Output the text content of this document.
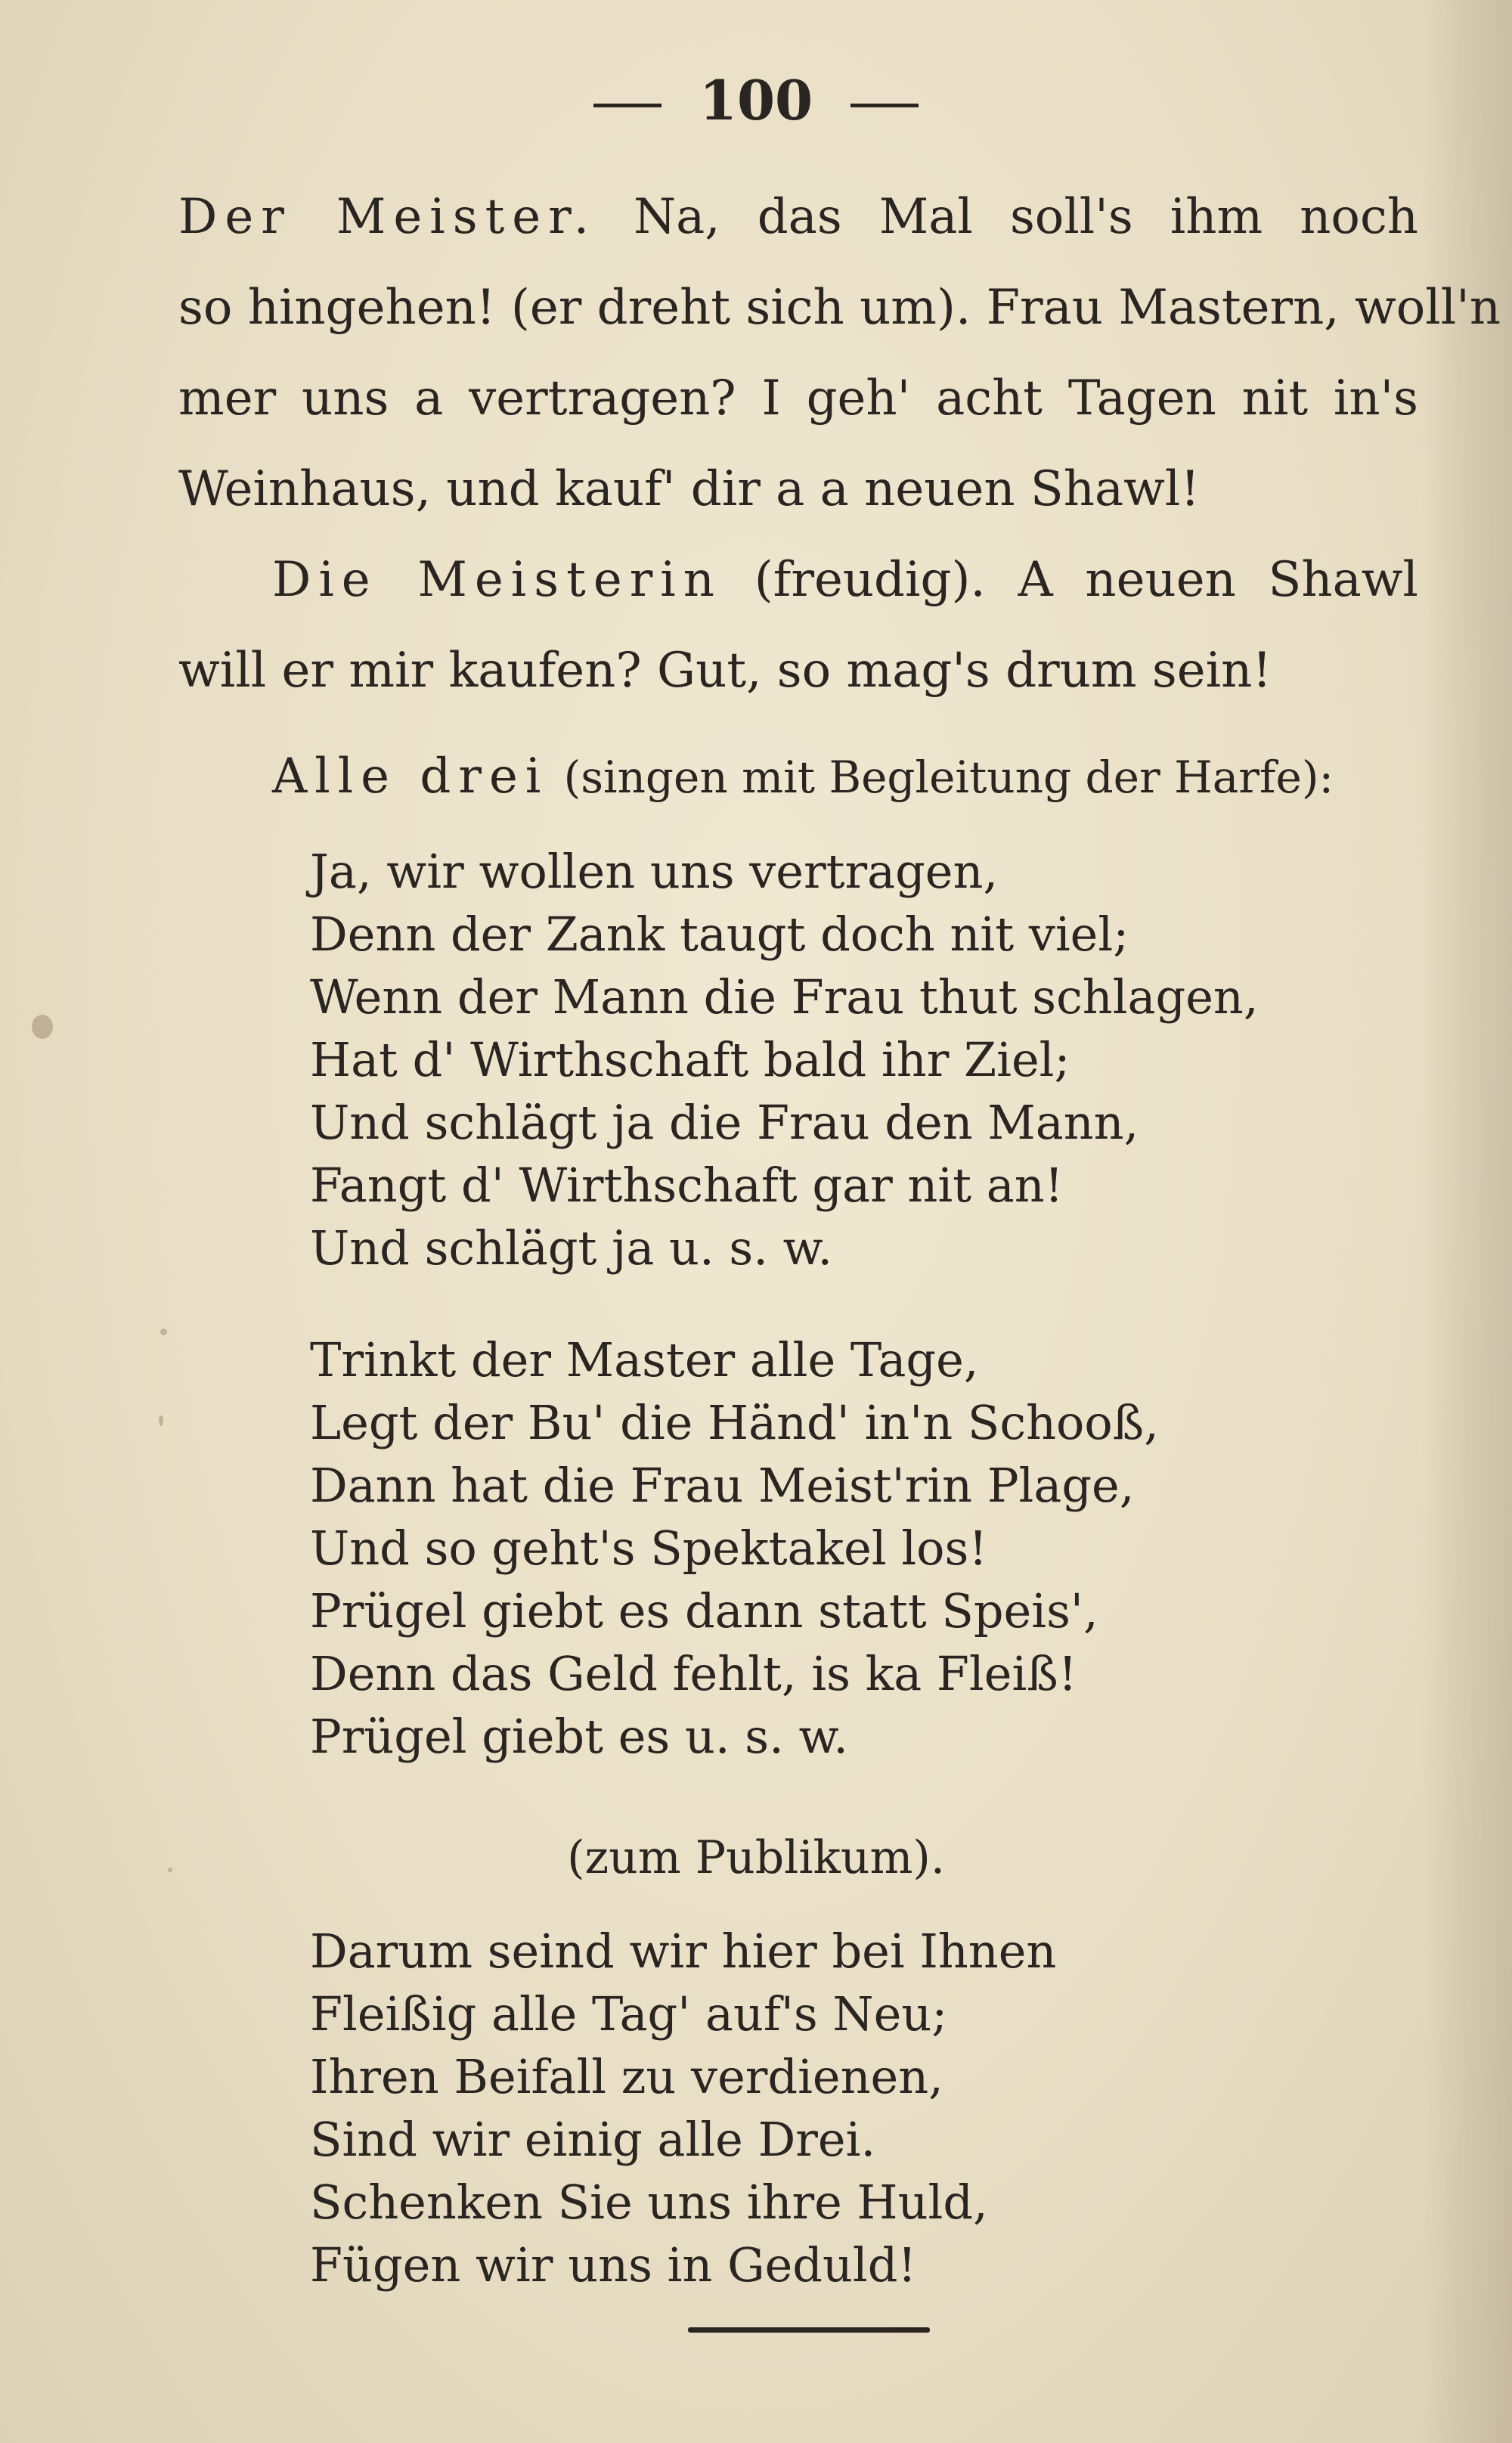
100
Der Meister. Na, das Mal soll's ihm noch
so hingehen! (er dreht sich um). Frau Mastern, woll'n
mer uns a vertragen? I geh' acht Tagen nit in's
Weinhaus, und kauf' dir a a neuen Shawl!
Die Meisterin (freudig). A neuen Shawl
will er mir kaufen? Gut, so mag's drum sein!
Alle drei (singen mit Begleitung der Harfe):
Ja, wir wollen uns vertragen,
Denn der Zank taugt doch nit viel;
Wenn der Mann die Frau thut schlagen,
Hat d' Wirthschaft bald ihr Ziel;
Und schlägt ja die Frau den Mann,
Fangt d' Wirthschaft gar nit an!
Und schlägt ja u. s. w.
Trinkt der Master alle Tage,
Legt der Bu' die Händ' in'n Schooß,
Dann hat die Frau Meist'rin Plage,
Und so geht's Spektakel los!
Prügel giebt es dann statt Speis',
Denn das Geld fehlt, is ka Fleiß!
Prügel giebt es u. s. w.
(zum Publikum).
Darum seind wir hier bei Ihnen
Fleißig alle Tag' auf's Neu;
Ihren Beifall zu verdienen,
Sind wir einig alle Drei.
Schenken Sie uns ihre Huld,
Fügen wir uns in Geduld!
